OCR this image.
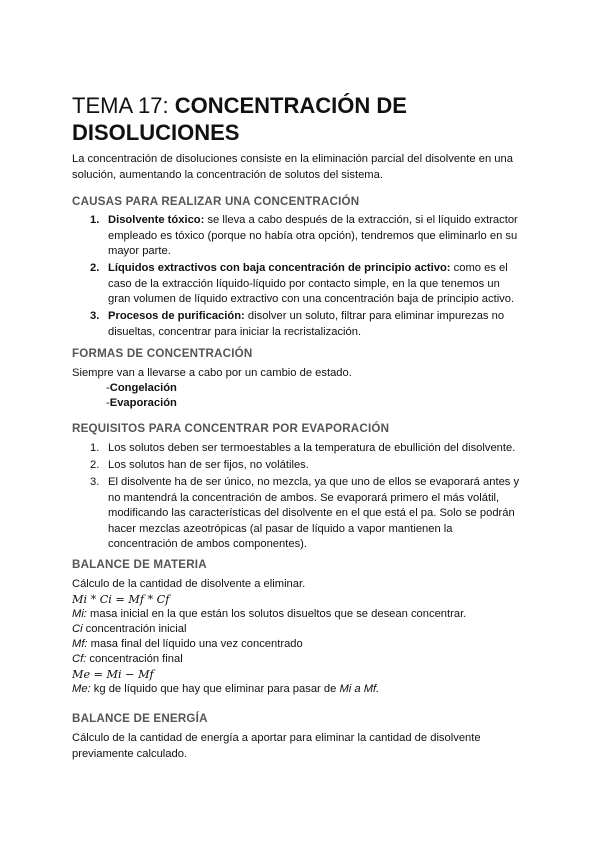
TEMA 17: CONCENTRACIÓN DE DISOLUCIONES

La concentración de disoluciones consiste en la eliminación parcial del disolvente en una solución, aumentando la concentración de solutos del sistema.

CAUSAS PARA REALIZAR UNA CONCENTRACIÓN
1. Disolvente tóxico: se lleva a cabo después de la extracción, si el líquido extractor empleado es tóxico (porque no había otra opción), tendremos que eliminarlo en su mayor parte.
2. Líquidos extractivos con baja concentración de principio activo: como es el caso de la extracción líquido-líquido por contacto simple, en la que tenemos un gran volumen de líquido extractivo con una concentración baja de principio activo.
3. Procesos de purificación: disolver un soluto, filtrar para eliminar impurezas no disueltas, concentrar para iniciar la recristalización.
FORMAS DE CONCENTRACIÓN

Siempre van a llevarse a cabo por un cambio de estado.

-Congelación

-Evaporación

REQUISITOS PARA CONCENTRAR POR EVAPORACIÓN
1. Los solutos deben ser termoestables a la temperatura de ebullición del disolvente.
2. Los solutos han de ser fijos, no volátiles.
3. El disolvente ha de ser único, no mezcla, ya que uno de ellos se evaporará antes y no mantendrá la concentración de ambos. Se evaporará primero el más volátil, modificando las características del disolvente en el que está el pa. Solo se podrán hacer mezclas azeotrópicas (al pasar de líquido a vapor mantienen la concentración de ambos componentes).
BALANCE DE MATERIA

Cálculo de la cantidad de disolvente a eliminar.

Mi * Ci = Mf * Cf

Mi: masa inicial en la que están los solutos disueltos que se desean concentrar.

Ci concentración inicial

Mf: masa final del líquido una vez concentrado

Cf: concentración final

Me = Mi − Mf

Me: kg de líquido que hay que eliminar para pasar de Mi a Mf.

BALANCE DE ENERGÍA

Cálculo de la cantidad de energía a aportar para eliminar la cantidad de disolvente previamente calculado.
